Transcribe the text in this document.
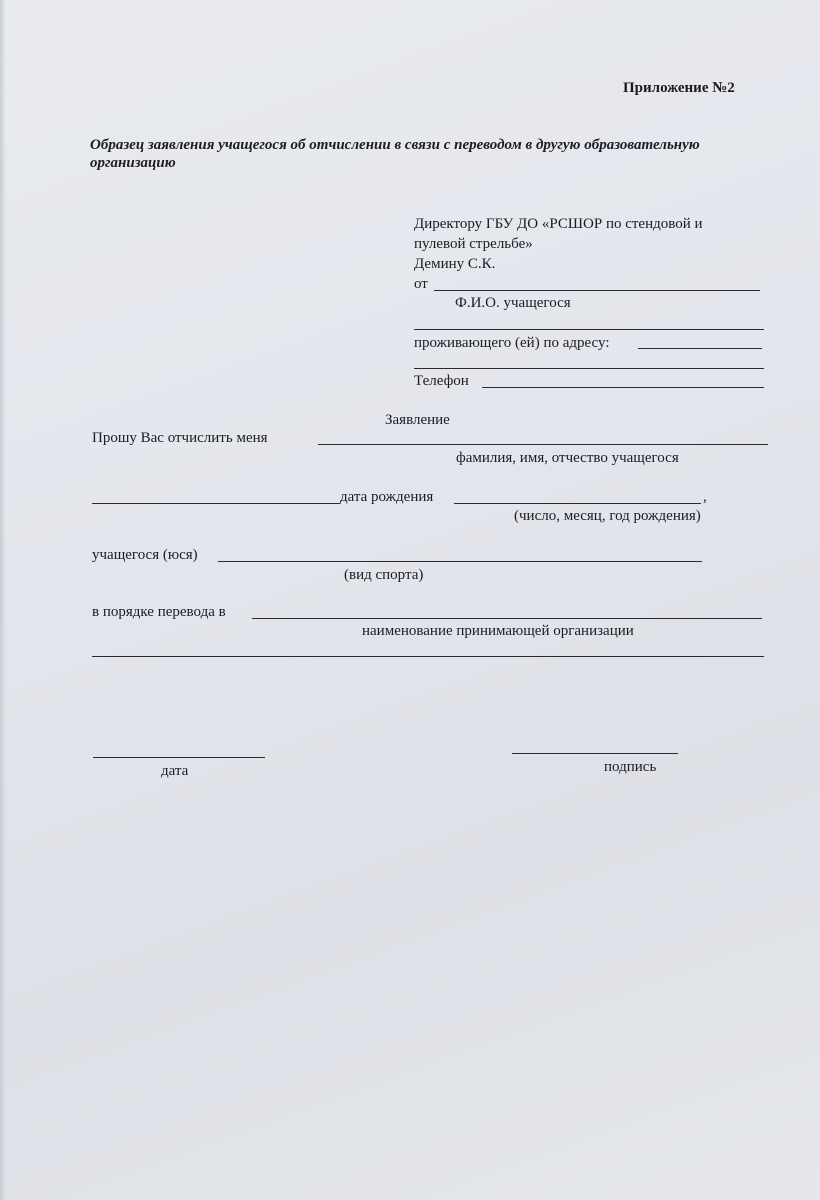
Приложение №2
Образец заявления учащегося об отчислении в связи с переводом в другую образовательную
организацию
Директору ГБУ ДО «РСШОР по стендовой и
пулевой стрельбе»
Демину С.К.
от
Ф.И.О. учащегося
проживающего (ей) по адресу:
Телефон
Заявление
Прошу Вас отчислить меня
фамилия, имя, отчество учащегося
дата рождения	,
(число, месяц, год рождения)
учащегося (юся)
(вид спорта)
в порядке перевода в
наименование принимающей организации
дата	подпись
